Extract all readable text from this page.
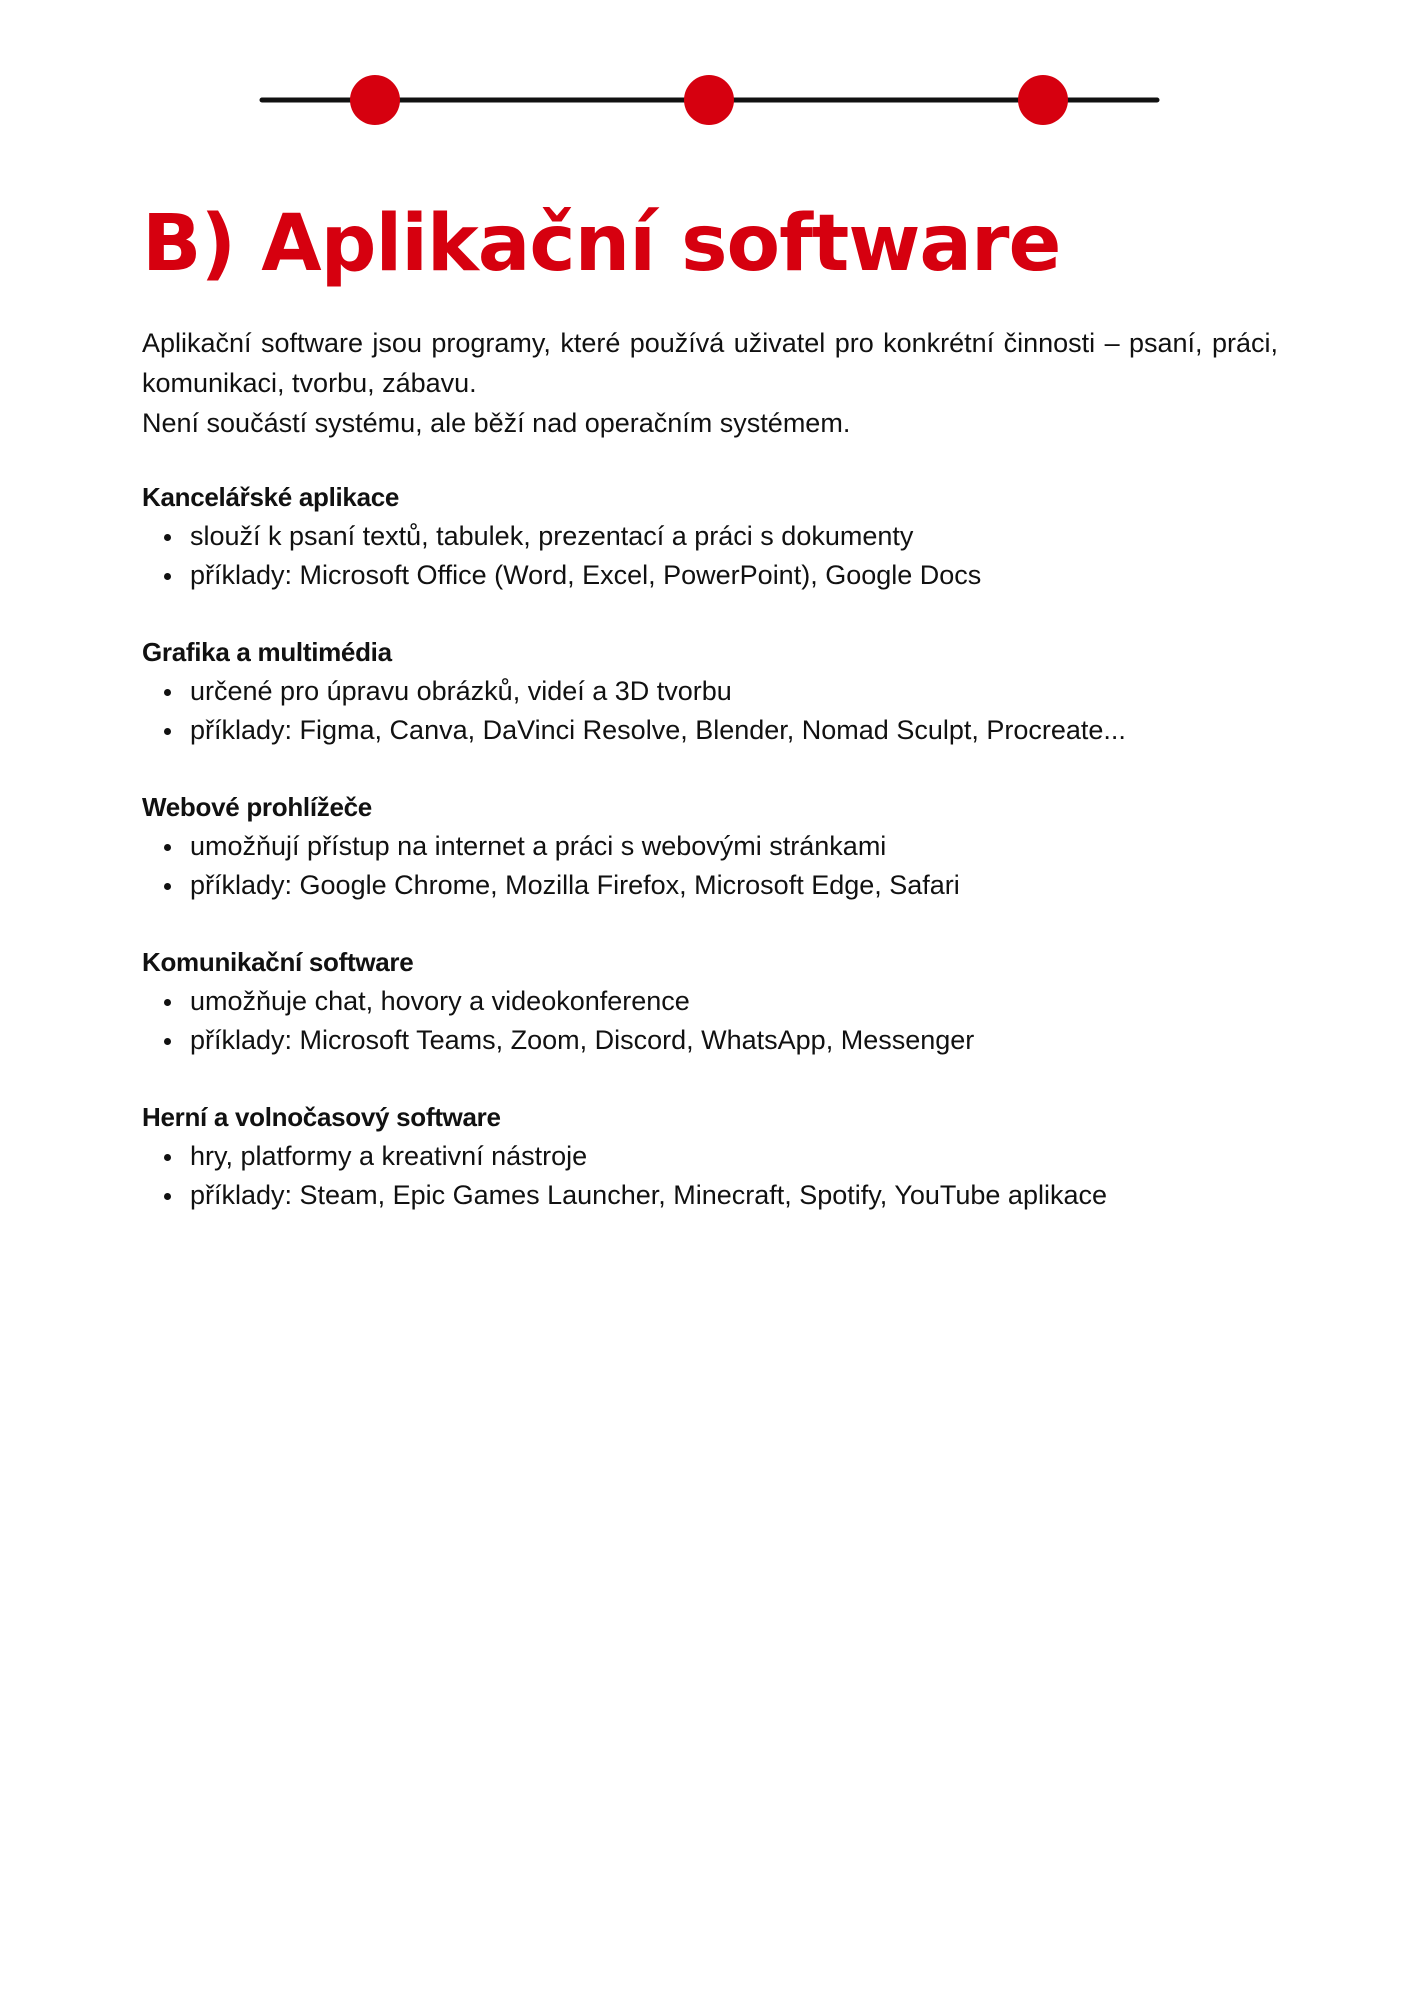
B) Aplikační software

Aplikační software jsou programy, které používá uživatel pro konkrétní činnosti – psaní, práci, komunikaci, tvorbu, zábavu.

Není součástí systému, ale běží nad operačním systémem.

Kancelářské aplikace
slouží k psaní textů, tabulek, prezentací a práci s dokumenty
příklady: Microsoft Office (Word, Excel, PowerPoint), Google Docs
Grafika a multimédia
určené pro úpravu obrázků, videí a 3D tvorbu
příklady: Figma, Canva, DaVinci Resolve, Blender, Nomad Sculpt, Procreate...
Webové prohlížeče
umožňují přístup na internet a práci s webovými stránkami
příklady: Google Chrome, Mozilla Firefox, Microsoft Edge, Safari
Komunikační software
umožňuje chat, hovory a videokonference
příklady: Microsoft Teams, Zoom, Discord, WhatsApp, Messenger
Herní a volnočasový software
hry, platformy a kreativní nástroje
příklady: Steam, Epic Games Launcher, Minecraft, Spotify, YouTube aplikace
